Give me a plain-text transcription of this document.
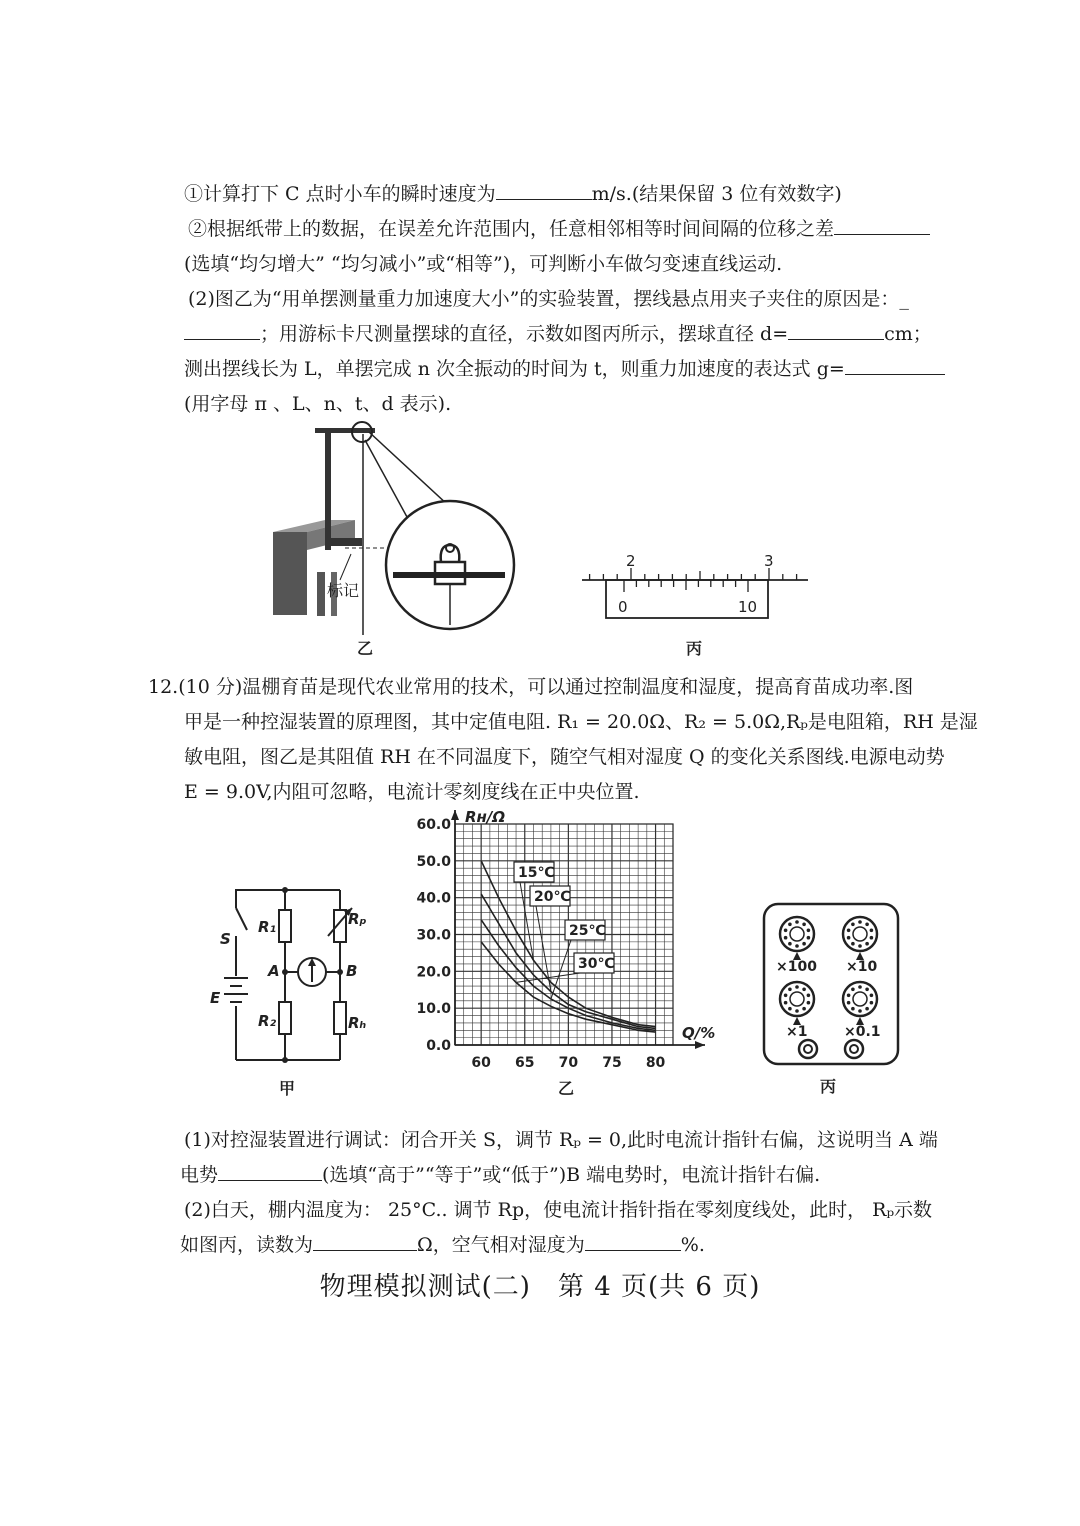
①计算打下 C 点时小车的瞬时速度为	m/s.(结果保留 3 位有效数字)
②根据纸带上的数据，在误差允许范围内，任意相邻相等时间间隔的位移之差
(选填“均匀增大” “均匀减小”或“相等”)，可判断小车做匀变速直线运动.
(2)图乙为“用单摆测量重力加速度大小”的实验装置，摆线悬点用夹子夹住的原因是：_
；用游标卡尺测量摆球的直径，示数如图丙所示，摆球直径 d=	cm；
测出摆线长为 L，单摆完成 n 次全振动的时间为 t，则重力加速度的表达式 g=
(用字母 π 、L、n、t、d 表示).
标记
乙
2	3
0	10
丙
12.(10 分)温棚育苗是现代农业常用的技术，可以通过控制温度和湿度，提高育苗成功率.图
甲是一种控湿装置的原理图，其中定值电阻. R₁ = 20.0Ω、R₂ = 5.0Ω,Rₚ是电阻箱，RH 是湿
敏电阻，图乙是其阻值 RH 在不同温度下，随空气相对湿度 Q 的变化关系图线.电源电动势
E = 9.0V,内阻可忽略，电流计零刻度线在正中央位置.
S
E
R₁
R₂
Rₚ
Rₕ
A	B
甲
15℃
20℃
25℃
30℃
0.0
10.0
20.0
30.0
40.0
50.0
60.0
60 65 70 75 80
Rн/Ω
Q/%
乙
×100 ×10
×1	×0.1
丙
(1)对控湿装置进行调试：闭合开关 S，调节 Rₚ = 0,此时电流计指针右偏，这说明当 A 端
电势	(选填“高于”“等于”或“低于”)B 端电势时，电流计指针右偏.
(2)白天，棚内温度为： 25°C.. 调节 Rp，使电流计指针指在零刻度线处，此时， Rₚ示数
如图丙，读数为	Ω，空气相对湿度为	%.
物理模拟测试(二)　第 4 页(共 6 页)
